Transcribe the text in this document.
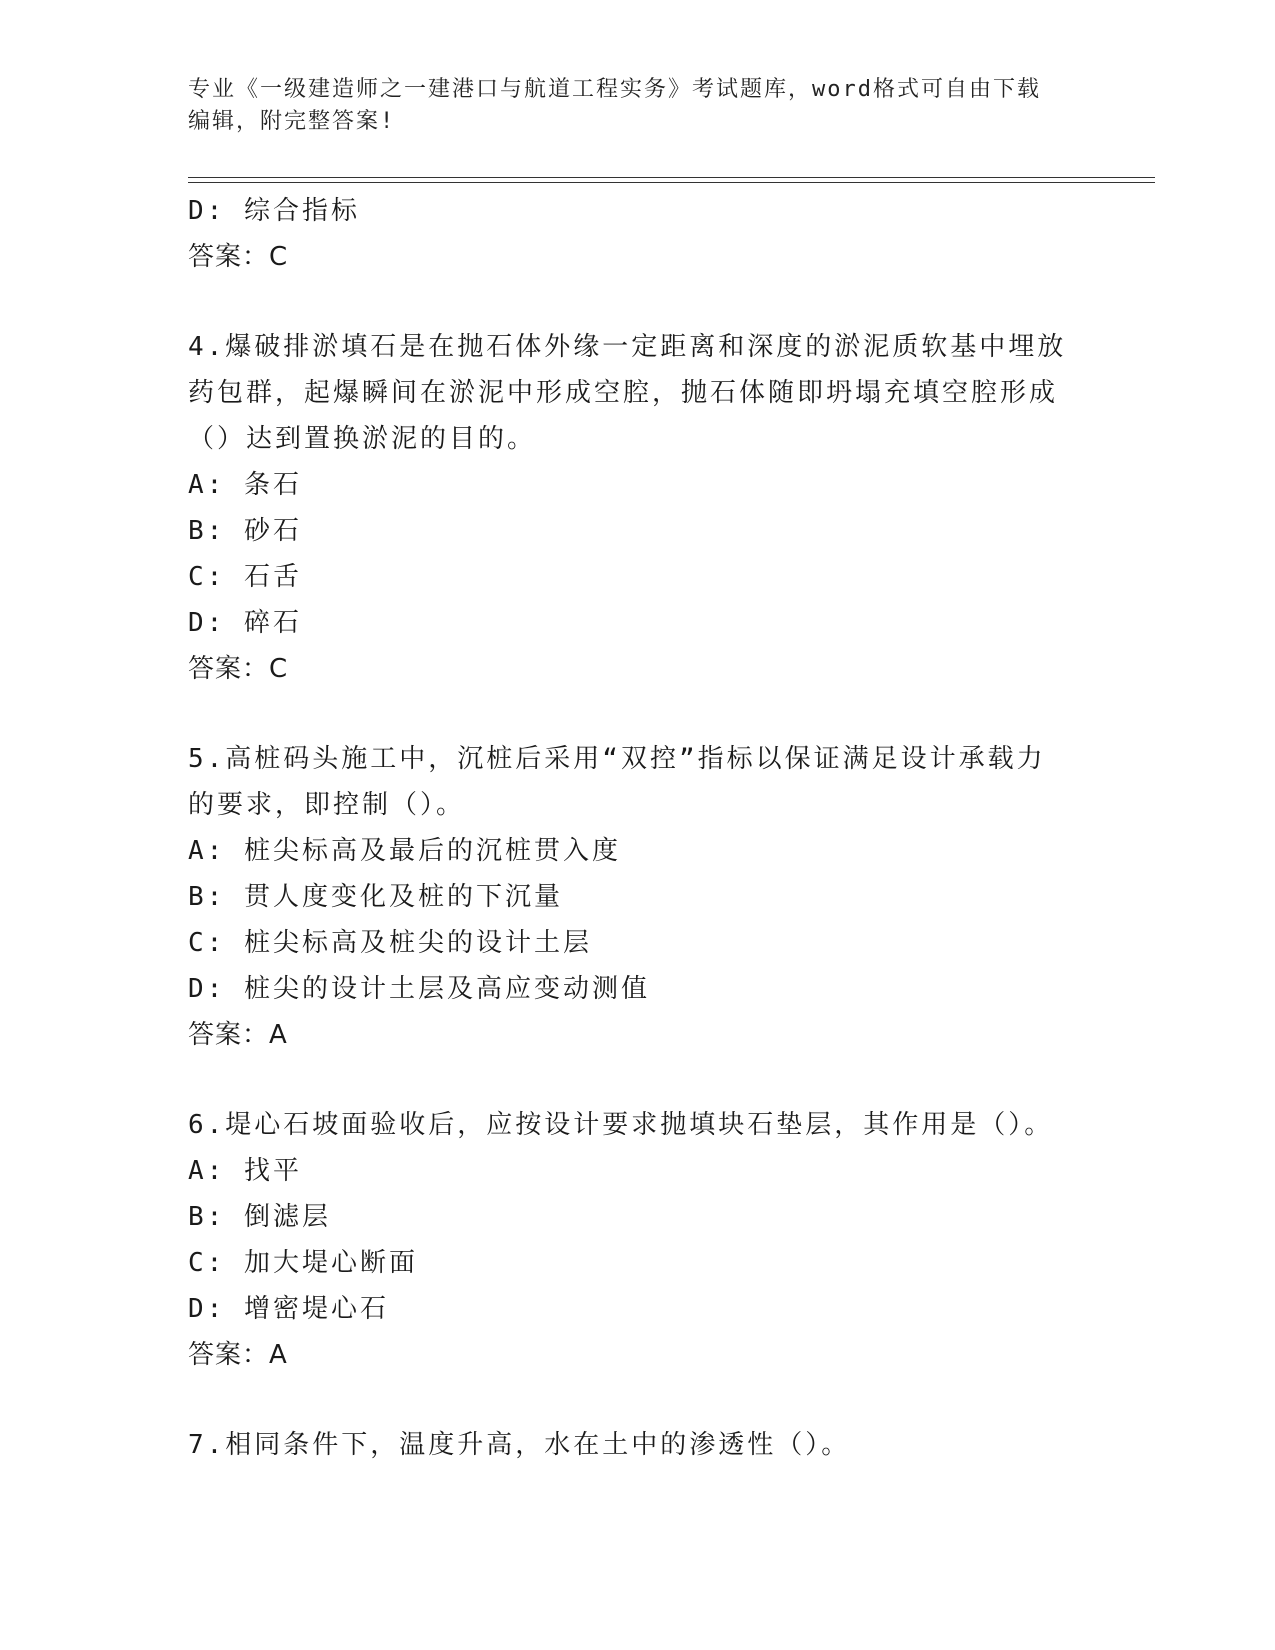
专业《一级建造师之一建港口与航道工程实务》考试题库，word格式可自由下载
编辑，附完整答案!
D: 综合指标
答案：C
4.爆破排淤填石是在抛石体外缘一定距离和深度的淤泥质软基中埋放
药包群，起爆瞬间在淤泥中形成空腔，抛石体随即坍塌充填空腔形成
（）达到置换淤泥的目的。
A: 条石
B: 砂石
C: 石舌
D: 碎石
答案：C
5.高桩码头施工中，沉桩后采用“双控”指标以保证满足设计承载力
的要求，即控制（）。
A: 桩尖标高及最后的沉桩贯入度
B: 贯人度变化及桩的下沉量
C: 桩尖标高及桩尖的设计土层
D: 桩尖的设计土层及高应变动测值
答案：A
6.堤心石坡面验收后，应按设计要求抛填块石垫层，其作用是（）。
A: 找平
B: 倒滤层
C: 加大堤心断面
D: 增密堤心石
答案：A
7.相同条件下，温度升高，水在土中的渗透性（）。
